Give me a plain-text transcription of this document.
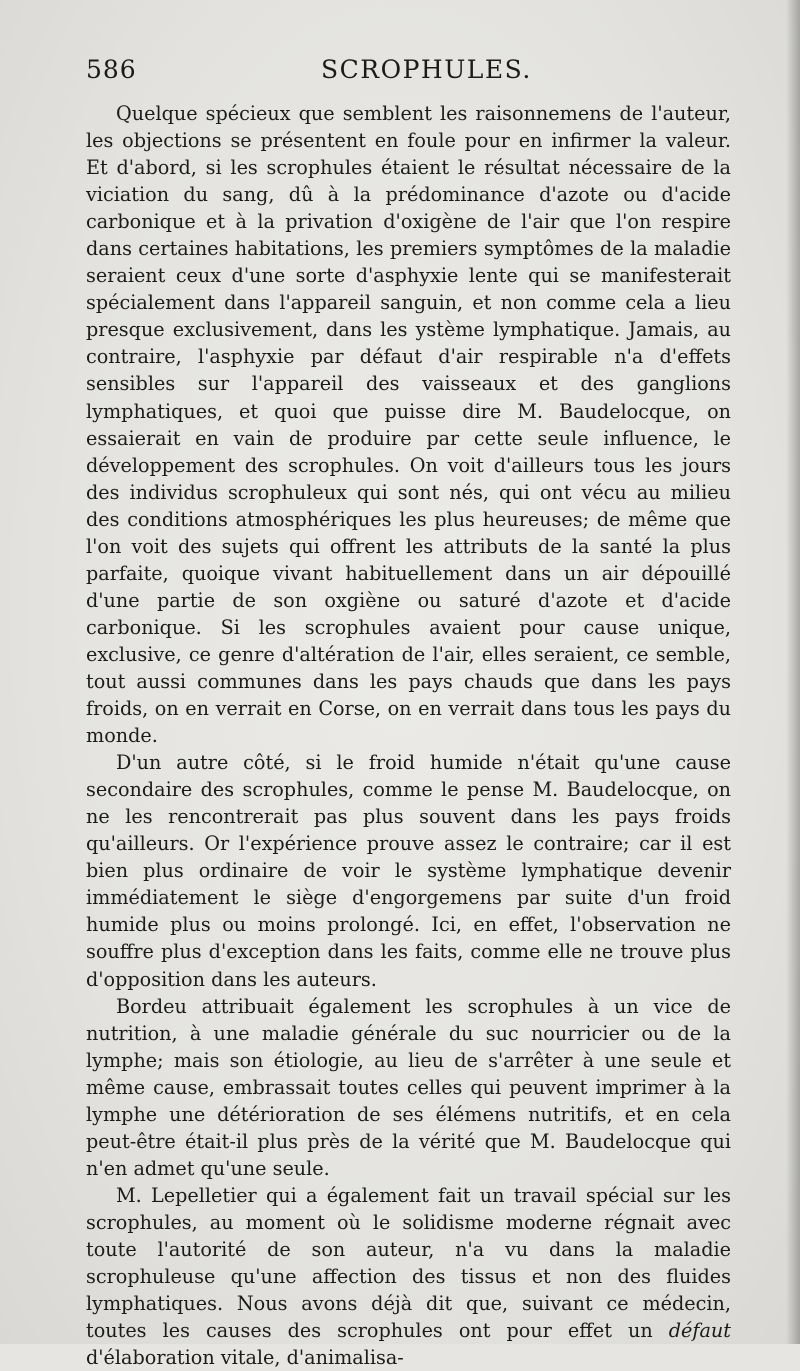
586	SCROPHULES.

Quelque spécieux que semblent les raisonnemens de l'auteur, les objections se présentent en foule pour en infirmer la valeur. Et d'abord, si les scrophules étaient le résultat nécessaire de la viciation du sang, dû à la prédominance d'azote ou d'acide carbonique et à la privation d'oxigène de l'air que l'on respire dans certaines habitations, les premiers symptômes de la maladie seraient ceux d'une sorte d'asphyxie lente qui se manifesterait spécialement dans l'appareil sanguin, et non comme cela a lieu presque exclusivement, dans les ystème lymphatique. Jamais, au contraire, l'asphyxie par défaut d'air respirable n'a d'effets sensibles sur l'appareil des vaisseaux et des ganglions lymphatiques, et quoi que puisse dire M. Baudelocque, on essaierait en vain de produire par cette seule influence, le développement des scrophules. On voit d'ailleurs tous les jours des individus scrophuleux qui sont nés, qui ont vécu au milieu des conditions atmosphériques les plus heureuses; de même que l'on voit des sujets qui offrent les attributs de la santé la plus parfaite, quoique vivant habituellement dans un air dépouillé d'une partie de son oxgiène ou saturé d'azote et d'acide carbonique. Si les scrophules avaient pour cause unique, exclusive, ce genre d'altération de l'air, elles seraient, ce semble, tout aussi communes dans les pays chauds que dans les pays froids, on en verrait en Corse, on en verrait dans tous les pays du monde.

D'un autre côté, si le froid humide n'était qu'une cause secondaire des scrophules, comme le pense M. Baudelocque, on ne les rencontrerait pas plus souvent dans les pays froids qu'ailleurs. Or l'expérience prouve assez le contraire; car il est bien plus ordinaire de voir le système lymphatique devenir immédiatement le siège d'engorgemens par suite d'un froid humide plus ou moins prolongé. Ici, en effet, l'observation ne souffre plus d'exception dans les faits, comme elle ne trouve plus d'opposition dans les auteurs.

Bordeu attribuait également les scrophules à un vice de nutrition, à une maladie générale du suc nourricier ou de la lymphe; mais son étiologie, au lieu de s'arrêter à une seule et même cause, embrassait toutes celles qui peuvent imprimer à la lymphe une détérioration de ses élémens nutritifs, et en cela peut-être était-il plus près de la vérité que M. Baudelocque qui n'en admet qu'une seule.

M. Lepelletier qui a également fait un travail spécial sur les scrophules, au moment où le solidisme moderne régnait avec toute l'autorité de son auteur, n'a vu dans la maladie scrophuleuse qu'une affection des tissus et non des fluides lymphatiques. Nous avons déjà dit que, suivant ce médecin, toutes les causes des scrophules ont pour effet un défaut d'élaboration vitale, d'animalisa-
